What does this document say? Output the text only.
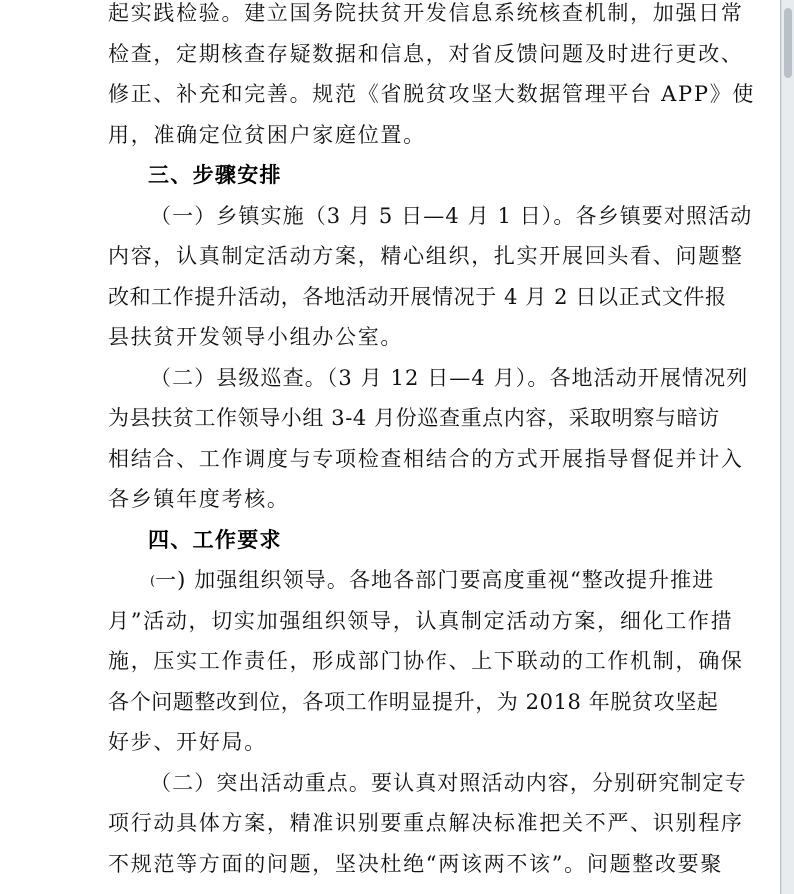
起实践检验。建立国务院扶贫开发信息系统核查机制，加强日常
检查，定期核查存疑数据和信息，对省反馈问题及时进行更改、
修正、补充和完善。规范《省脱贫攻坚大数据管理平台 APP》使
用，准确定位贫困户家庭位置。

三、步骤安排

（一）乡镇实施（3 月 5 日—4 月 1 日）。各乡镇要对照活动
内容，认真制定活动方案，精心组织，扎实开展回头看、问题整
改和工作提升活动，各地活动开展情况于 4 月 2 日以正式文件报
县扶贫开发领导小组办公室。

（二）县级巡查。（3 月 12 日—4 月）。各地活动开展情况列
为县扶贫工作领导小组 3-4 月份巡查重点内容，采取明察与暗访
相结合、工作调度与专项检查相结合的方式开展指导督促并计入
各乡镇年度考核。

四、工作要求

(一) 加强组织领导。各地各部门要高度重视“整改提升推进
月”活动，切实加强组织领导，认真制定活动方案，细化工作措
施，压实工作责任，形成部门协作、上下联动的工作机制，确保
各个问题整改到位，各项工作明显提升，为 2018 年脱贫攻坚起
好步、开好局。

（二）突出活动重点。要认真对照活动内容，分别研究制定专
项行动具体方案，精准识别要重点解决标准把关不严、识别程序
不规范等方面的问题，坚决杜绝“两该两不该”。问题整改要聚
